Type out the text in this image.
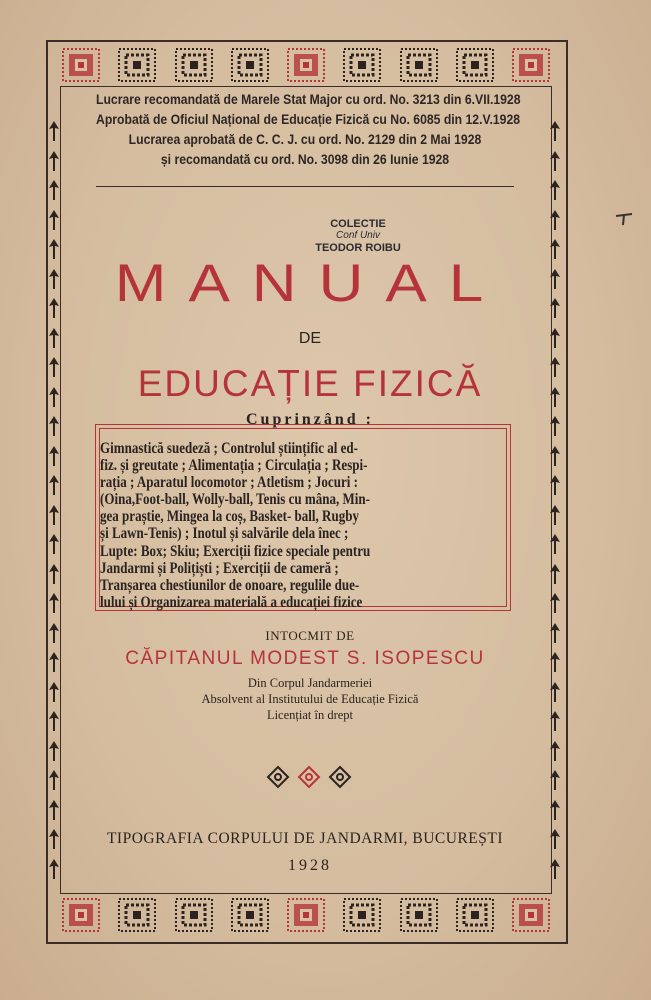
Lucrare recomandată de Marele Stat Major cu ord. No. 3213 din 6.VII.1928
Aprobată de Oficiul Național de Educație Fizică cu No. 6085 din 12.V.1928
Lucrarea aprobată de C. C. J. cu ord. No. 2129 din 2 Mai 1928
și recomandată cu ord. No. 3098 din 26 Iunie 1928
COLECTIE
Conf Univ
TEODOR ROIBU
MANUAL
DE
EDUCAȚIE FIZICĂ
Cuprinzând :
Gimnastică suedeză ; Controlul științific al ed-
fiz. și greutate ; Alimentația ; Circulația ; Respi-
rația ; Aparatul locomotor ; Atletism ; Jocuri :
(Oina,Foot-ball, Wolly-ball, Tenis cu mâna, Min-
gea praștie, Mingea la coș, Basket- ball, Rugby
și Lawn-Tenis) ; Inotul și salvările dela înec ;
Lupte: Box; Skiu; Exerciții fizice speciale pentru
Jandarmi și Polițiști ; Exerciții de cameră ;
Tranșarea chestiunilor de onoare, regulile due-
lului și Organizarea materială a educației fizice
INTOCMIT DE
CĂPITANUL MODEST S. ISOPESCU
Din Corpul Jandarmeriei
Absolvent al Institutului de Educație Fizică
Licențiat în drept
TIPOGRAFIA CORPULUI DE JANDARMI, BUCUREȘTI
1928
